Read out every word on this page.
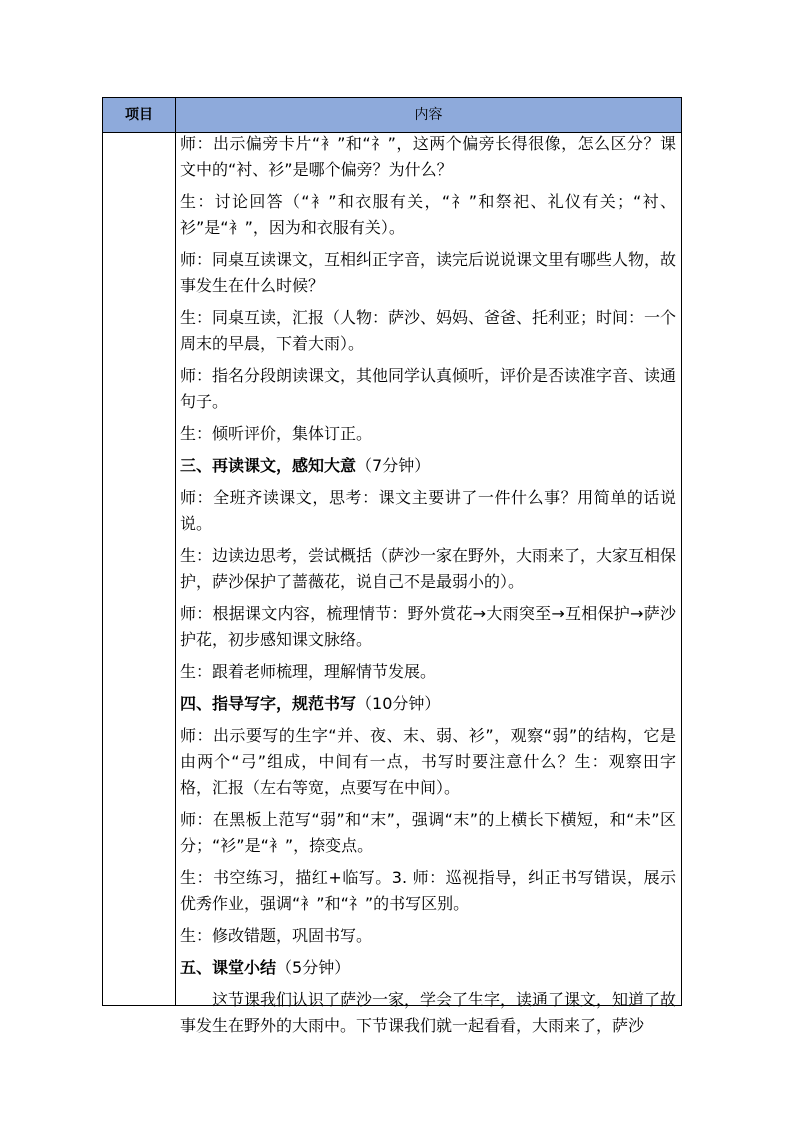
项目	内容

师：出示偏旁卡片“衤”和“礻”，这两个偏旁长得很像，怎么区分？课文中的“衬、衫”是哪个偏旁？为什么？

生：讨论回答（“衤”和衣服有关，“礻”和祭祀、礼仪有关；“衬、衫”是“衤”，因为和衣服有关）。

师：同桌互读课文，互相纠正字音，读完后说说课文里有哪些人物，故事发生在什么时候？

生：同桌互读，汇报（人物：萨沙、妈妈、爸爸、托利亚；时间：一个周末的早晨，下着大雨）。

师：指名分段朗读课文，其他同学认真倾听，评价是否读准字音、读通句子。

生：倾听评价，集体订正。

三、再读课文，感知大意（7分钟）

师：全班齐读课文，思考：课文主要讲了一件什么事？用简单的话说说。

生：边读边思考，尝试概括（萨沙一家在野外，大雨来了，大家互相保护，萨沙保护了蔷薇花，说自己不是最弱小的）。

师：根据课文内容，梳理情节：野外赏花→大雨突至→互相保护→萨沙护花，初步感知课文脉络。

生：跟着老师梳理，理解情节发展。

四、指导写字，规范书写（10分钟）

师：出示要写的生字“并、夜、末、弱、衫”，观察“弱”的结构，它是由两个“弓”组成，中间有一点，书写时要注意什么？生：观察田字格，汇报（左右等宽，点要写在中间）。

师：在黑板上范写“弱”和“末”，强调“末”的上横长下横短，和“未”区分；“衫”是“衤”，捺变点。

生：书空练习，描红+临写。3. 师：巡视指导，纠正书写错误，展示优秀作业，强调“衤”和“礻”的书写区别。

生：修改错题，巩固书写。

五、课堂小结（5分钟）

这节课我们认识了萨沙一家，学会了生字，读通了课文，知道了故事发生在野外的大雨中。下节课我们就一起看看，大雨来了，萨沙
